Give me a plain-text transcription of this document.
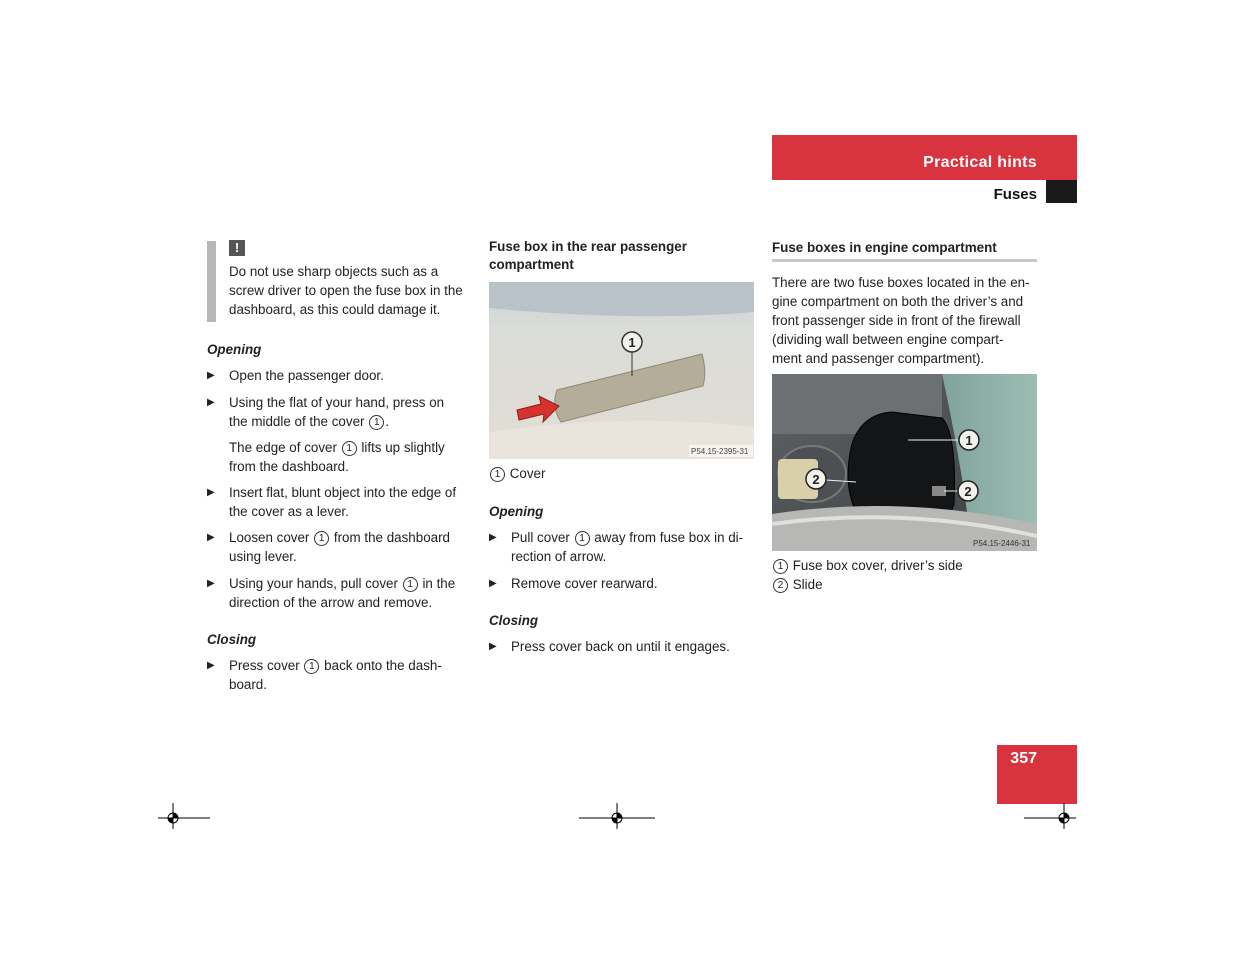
Practical hints
Fuses
357
!
Do not use sharp objects such as a
screw driver to open the fuse box in the
dashboard, as this could damage it.
Opening
▶ Open the passenger door.
▶ Using the flat of your hand, press on
the middle of the cover 1 .
The edge of cover 1 lifts up slightly
from the dashboard.
▶ Insert flat, blunt object into the edge of
the cover as a lever.
▶ Loosen cover 1 from the dashboard
using lever.
▶ Using your hands, pull cover 1 in the
direction of the arrow and remove.
Closing
▶ Press cover 1 back onto the dash-
board.
Fuse box in the rear passenger
compartment
1
P54.15-2395-31
1 Cover
Opening
▶ Pull cover 1 away from fuse box in di-
rection of arrow.
▶ Remove cover rearward.
Closing
▶ Press cover back on until it engages.
Fuse boxes in engine compartment
There are two fuse boxes located in the en-
gine compartment on both the driver’s and
front passenger side in front of the firewall
(dividing wall between engine compart-
ment and passenger compartment).
1
2
2
P54.15-2446-31
1 Fuse box cover, driver’s side
2 Slide
